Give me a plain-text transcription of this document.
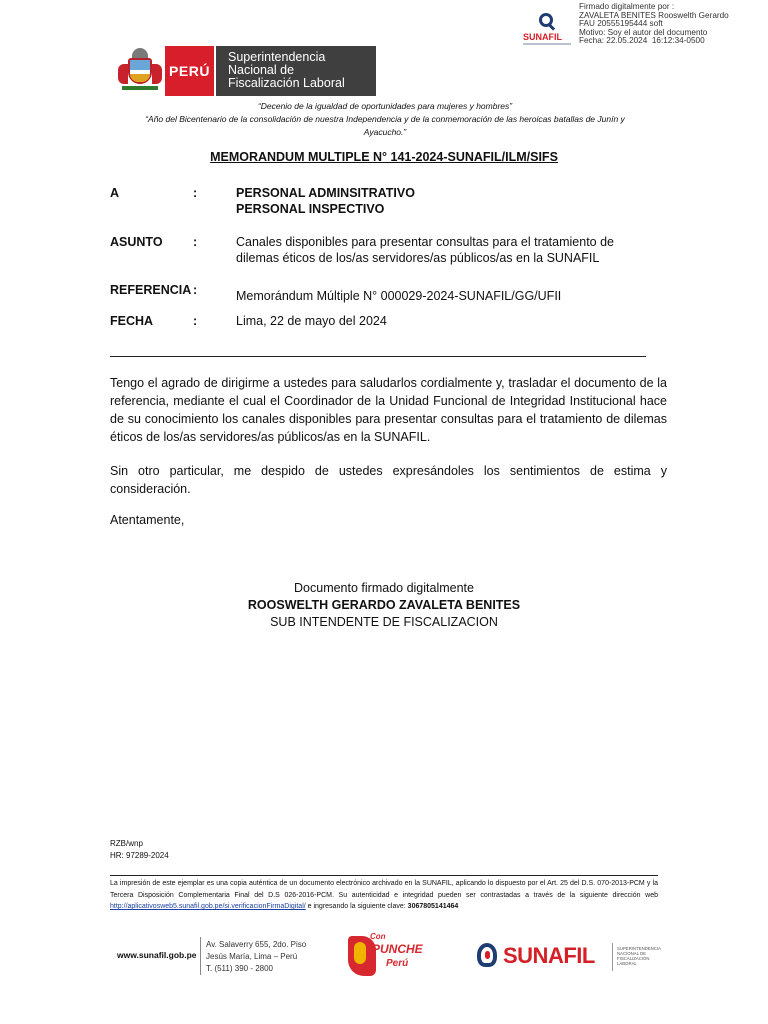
SUNAFIL
Firmado digitalmente por :
ZAVALETA BENITES Rooswelth Gerardo
FAU 20555195444 soft
Motivo: Soy el autor del documento
Fecha: 22.05.2024  16:12:34-0500
PERÚ
Superintendencia
Nacional de
Fiscalización Laboral
“Decenio de la igualdad de oportunidades para mujeres y hombres”
“Año del Bicentenario de la consolidación de nuestra Independencia y de la conmemoración de las heroicas batallas de Junín y
Ayacucho.”
MEMORANDUM MULTIPLE N° 141-2024-SUNAFIL/ILM/SIFS
A	:	PERSONAL ADMINSITRATIVO
PERSONAL INSPECTIVO
ASUNTO	:	Canales disponibles para presentar consultas para el tratamiento de
dilemas éticos de los/as servidores/as públicos/as en la SUNAFIL
REFERENCIA :	Memorándum Múltiple N° 000029-2024-SUNAFIL/GG/UFII
FECHA	:	Lima, 22 de mayo del 2024
Tengo el agrado de dirigirme a ustedes para saludarlos cordialmente y, trasladar el documento de la referencia, mediante el cual el Coordinador de la Unidad Funcional de Integridad Institucional hace de su conocimiento los canales disponibles para presentar consultas para el tratamiento de dilemas éticos de los/as servidores/as públicos/as en la SUNAFIL.
Sin otro particular, me despido de ustedes expresándoles los sentimientos de estima y consideración.
Atentamente,
Documento firmado digitalmente
ROOSWELTH GERARDO ZAVALETA BENITES
SUB INTENDENTE DE FISCALIZACION
RZB/wnp
HR: 97289-2024
La impresión de este ejemplar es una copia auténtica de un documento electrónico archivado en la SUNAFIL, aplicando lo dispuesto por el Art. 25 del D.S. 070-2013-PCM y la Tercera Disposición Complementaria Final del D.S 026-2016-PCM. Su autenticidad e integridad pueden ser contrastadas a través de la siguiente dirección web http://aplicativosweb5.sunafil.gob.pe/si.verificacionFirmaDigital/ e ingresando la siguiente clave: 3067805141464
www.sunafil.gob.pe
Av. Salaverry 655, 2do. Piso
Jesús María, Lima – Perú
T. (511) 390 - 2800
Con
PUNCHE
Perú	SUNAFIL	SUPERINTENDENCIA
NACIONAL DE
FISCALIZACIÓN
LABORAL
